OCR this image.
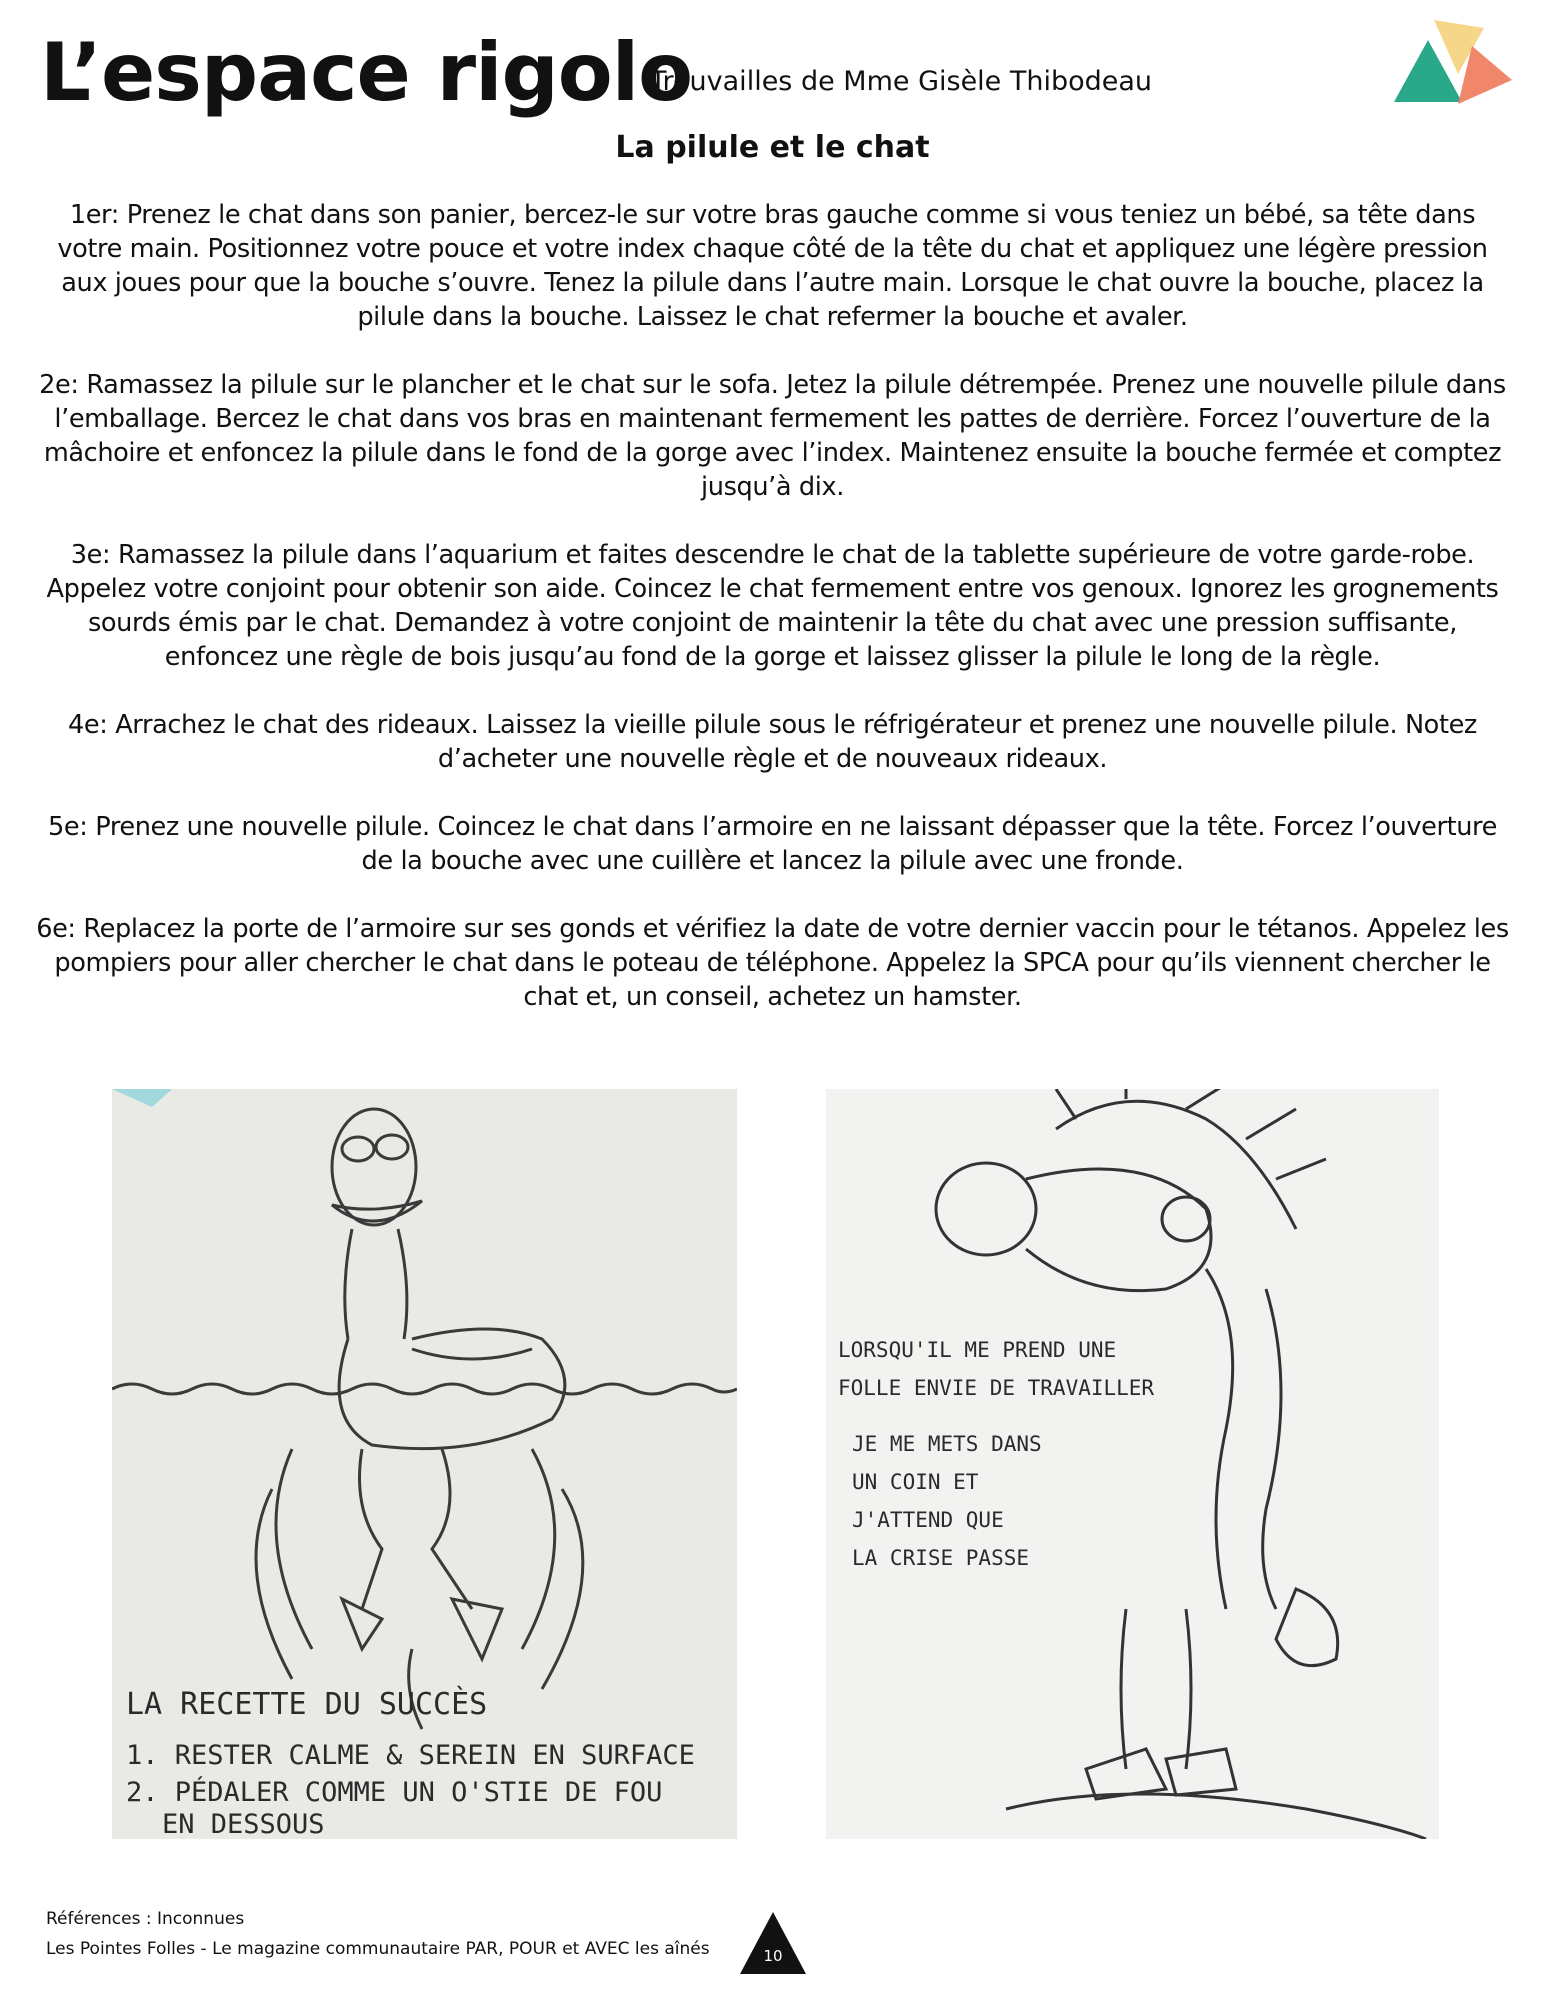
L’espace rigolo
Trouvailles de Mme Gisèle Thibodeau
La pilule et le chat

1er: Prenez le chat dans son panier, bercez-le sur votre bras gauche comme si vous teniez un bébé, sa tête dans votre main. Positionnez votre pouce et votre index chaque côté de la tête du chat et appliquez une légère pression aux joues pour que la bouche s’ouvre. Tenez la pilule dans l’autre main. Lorsque le chat ouvre la bouche, placez la pilule dans la bouche. Laissez le chat refermer la bouche et avaler.

2e: Ramassez la pilule sur le plancher et le chat sur le sofa. Jetez la pilule détrempée. Prenez une nouvelle pilule dans l’emballage. Bercez le chat dans vos bras en maintenant fermement les pattes de derrière. Forcez l’ouverture de la mâchoire et enfoncez la pilule dans le fond de la gorge avec l’index. Maintenez ensuite la bouche fermée et comptez jusqu’à dix.

3e: Ramassez la pilule dans l’aquarium et faites descendre le chat de la tablette supérieure de votre garde-robe. Appelez votre conjoint pour obtenir son aide. Coincez le chat fermement entre vos genoux. Ignorez les grognements sourds émis par le chat. Demandez à votre conjoint de maintenir la tête du chat avec une pression suffisante, enfoncez une règle de bois jusqu’au fond de la gorge et laissez glisser la pilule le long de la règle.

4e: Arrachez le chat des rideaux. Laissez la vieille pilule sous le réfrigérateur et prenez une nouvelle pilule. Notez d’acheter une nouvelle règle et de nouveaux rideaux.

5e: Prenez une nouvelle pilule. Coincez le chat dans l’armoire en ne laissant dépasser que la tête. Forcez l’ouverture de la bouche avec une cuillère et lancez la pilule avec une fronde.

6e: Replacez la porte de l’armoire sur ses gonds et vérifiez la date de votre dernier vaccin pour le tétanos. Appelez les pompiers pour aller chercher le chat dans le poteau de téléphone. Appelez la SPCA pour qu’ils viennent chercher le chat et, un conseil, achetez un hamster.

LA RECETTE DU SUCCÈS
1. RESTER CALME & SEREIN EN SURFACE
2. PÉDALER COMME UN O'STIE DE FOU
EN DESSOUS
LORSQU'IL ME PREND UNE
FOLLE ENVIE DE TRAVAILLER
JE ME METS DANS
UN COIN ET
J'ATTEND QUE
LA CRISE PASSE
Références : Inconnues
Les Pointes Folles - Le magazine communautaire PAR, POUR et AVEC les aînés	10
